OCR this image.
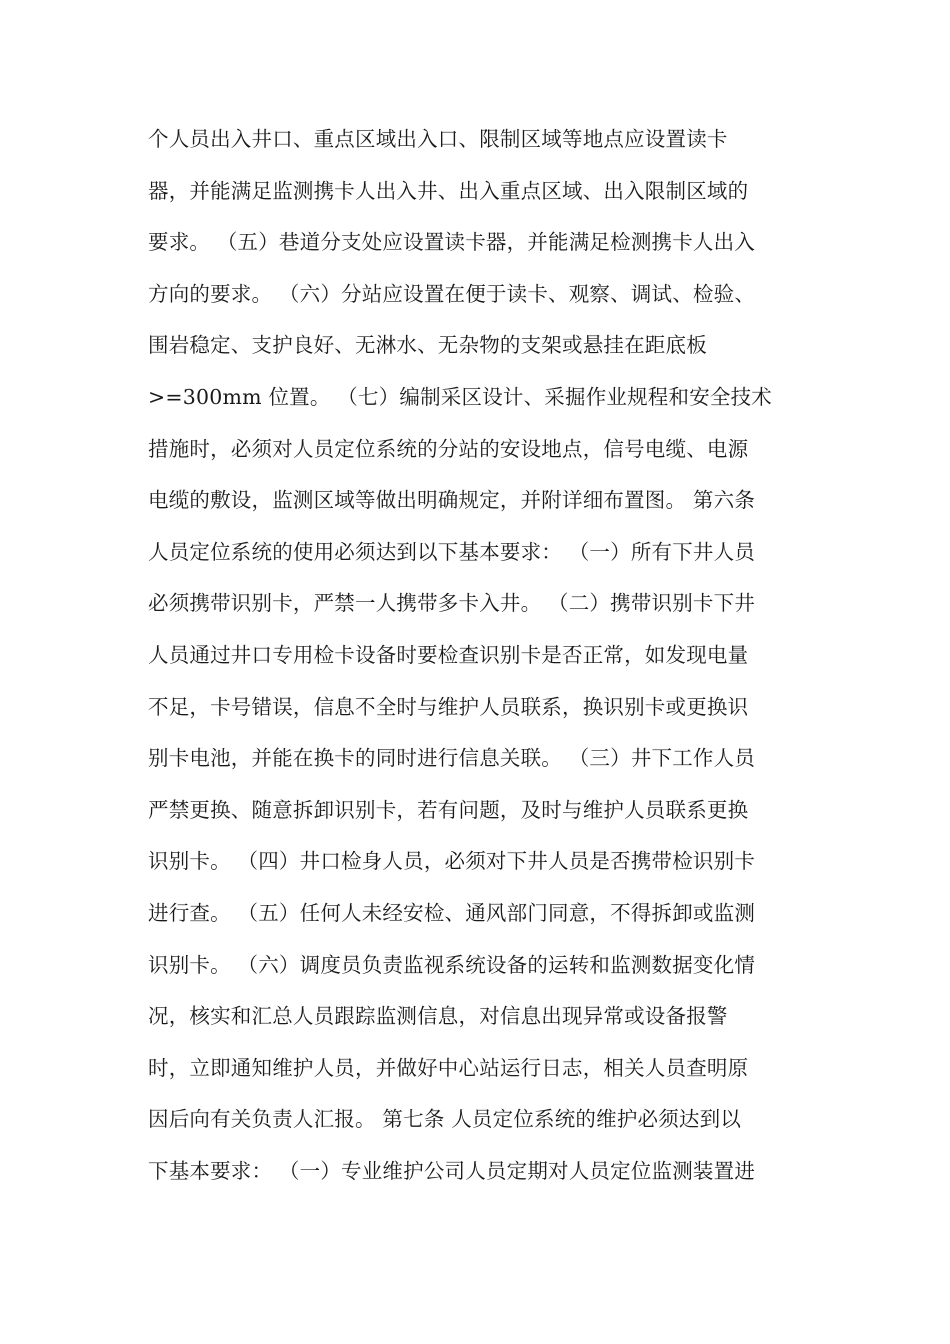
个人员出入井口、重点区域出入口、限制区域等地点应设置读卡
器，并能满足监测携卡人出入井、出入重点区域、出入限制区域的
要求。 （五）巷道分支处应设置读卡器，并能满足检测携卡人出入
方向的要求。 （六）分站应设置在便于读卡、观察、调试、检验、
围岩稳定、支护良好、无淋水、无杂物的支架或悬挂在距底板
>=300mm 位置。 （七）编制采区设计、采掘作业规程和安全技术
措施时，必须对人员定位系统的分站的安设地点，信号电缆、电源
电缆的敷设，监测区域等做出明确规定，并附详细布置图。 第六条
人员定位系统的使用必须达到以下基本要求： （一）所有下井人员
必须携带识别卡，严禁一人携带多卡入井。 （二）携带识别卡下井
人员通过井口专用检卡设备时要检查识别卡是否正常，如发现电量
不足，卡号错误，信息不全时与维护人员联系，换识别卡或更换识
别卡电池，并能在换卡的同时进行信息关联。 （三）井下工作人员
严禁更换、随意拆卸识别卡，若有问题，及时与维护人员联系更换
识别卡。 （四）井口检身人员，必须对下井人员是否携带检识别卡
进行查。 （五）任何人未经安检、通风部门同意，不得拆卸或监测
识别卡。 （六）调度员负责监视系统设备的运转和监测数据变化情
况，核实和汇总人员跟踪监测信息，对信息出现异常或设备报警
时，立即通知维护人员，并做好中心站运行日志，相关人员查明原
因后向有关负责人汇报。 第七条 人员定位系统的维护必须达到以
下基本要求： （一）专业维护公司人员定期对人员定位监测装置进
